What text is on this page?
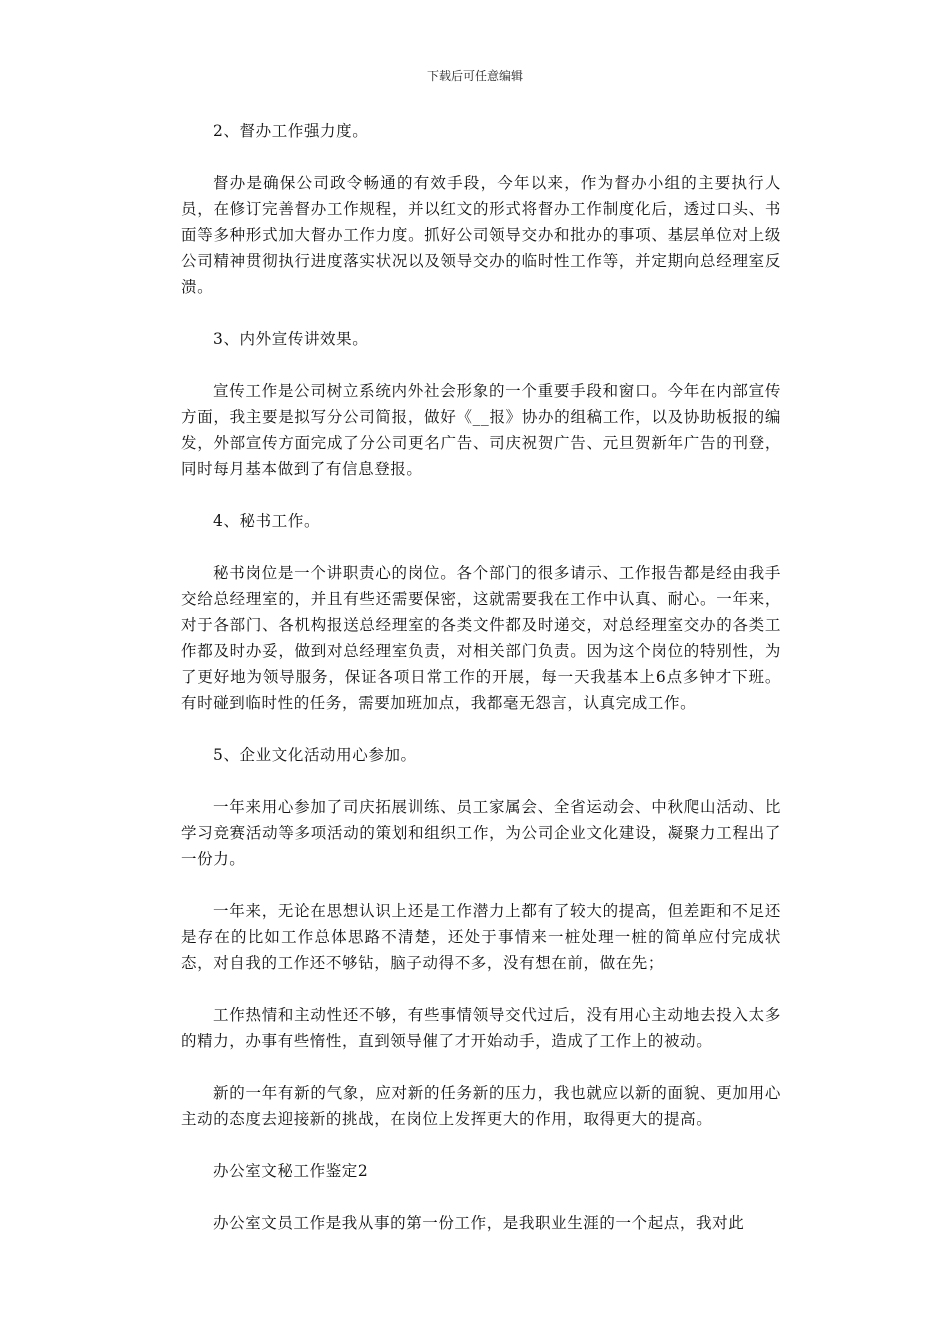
下载后可任意编辑

2、督办工作强力度。

督办是确保公司政令畅通的有效手段，今年以来，作为督办小组的主要执行人员，在修订完善督办工作规程，并以红文的形式将督办工作制度化后，透过口头、书面等多种形式加大督办工作力度。抓好公司领导交办和批办的事项、基层单位对上级公司精神贯彻执行进度落实状况以及领导交办的临时性工作等，并定期向总经理室反溃。

3、内外宣传讲效果。

宣传工作是公司树立系统内外社会形象的一个重要手段和窗口。今年在内部宣传方面，我主要是拟写分公司简报，做好《__报》协办的组稿工作，以及协助板报的编发，外部宣传方面完成了分公司更名广告、司庆祝贺广告、元旦贺新年广告的刊登，同时每月基本做到了有信息登报。

4、秘书工作。

秘书岗位是一个讲职责心的岗位。各个部门的很多请示、工作报告都是经由我手交给总经理室的，并且有些还需要保密，这就需要我在工作中认真、耐心。一年来，对于各部门、各机构报送总经理室的各类文件都及时递交，对总经理室交办的各类工作都及时办妥，做到对总经理室负责，对相关部门负责。因为这个岗位的特别性，为了更好地为领导服务，保证各项日常工作的开展，每一天我基本上6点多钟才下班。有时碰到临时性的任务，需要加班加点，我都毫无怨言，认真完成工作。

5、企业文化活动用心参加。

一年来用心参加了司庆拓展训练、员工家属会、全省运动会、中秋爬山活动、比学习竞赛活动等多项活动的策划和组织工作，为公司企业文化建设，凝聚力工程出了一份力。

一年来，无论在思想认识上还是工作潜力上都有了较大的提高，但差距和不足还是存在的比如工作总体思路不清楚，还处于事情来一桩处理一桩的简单应付完成状态，对自我的工作还不够钻，脑子动得不多，没有想在前，做在先；

工作热情和主动性还不够，有些事情领导交代过后，没有用心主动地去投入太多的精力，办事有些惰性，直到领导催了才开始动手，造成了工作上的被动。

新的一年有新的气象，应对新的任务新的压力，我也就应以新的面貌、更加用心主动的态度去迎接新的挑战，在岗位上发挥更大的作用，取得更大的提高。

办公室文秘工作鉴定2

办公室文员工作是我从事的第一份工作，是我职业生涯的一个起点，我对此
